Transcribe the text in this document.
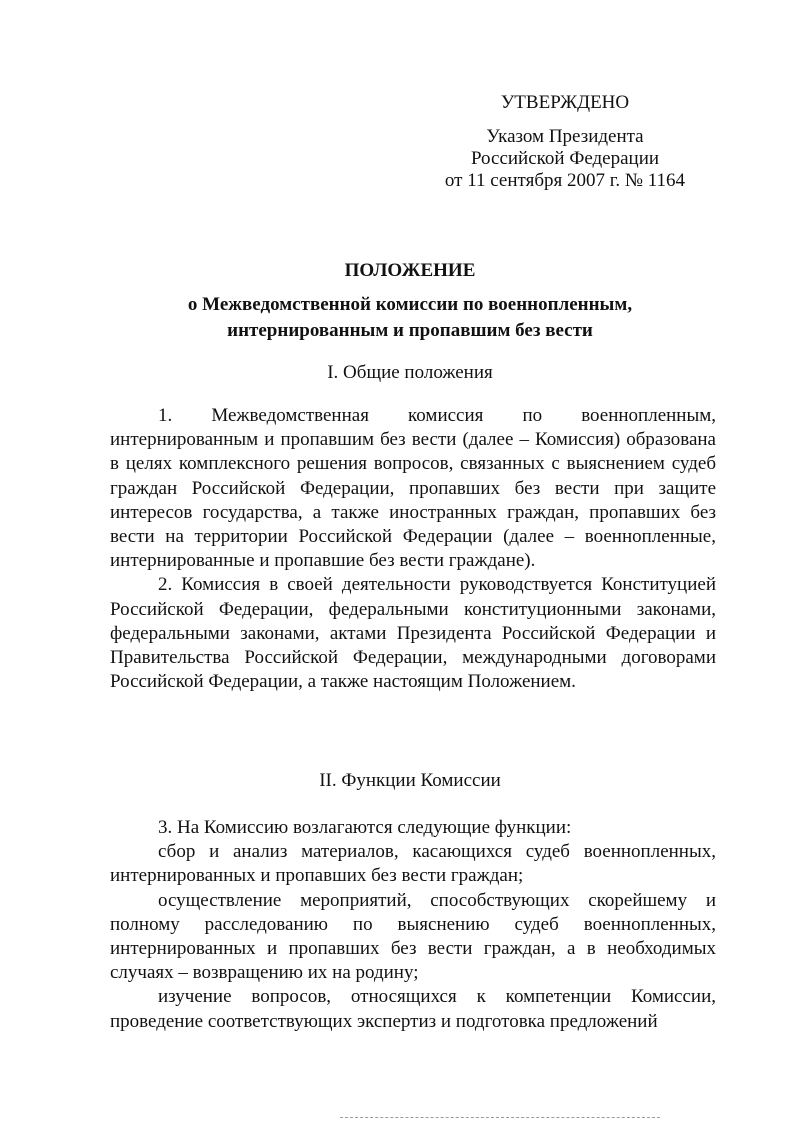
УТВЕРЖДЕНО
Указом Президента
Российской Федерации
от 11 сентября 2007 г. № 1164
ПОЛОЖЕНИЕ
о Межведомственной комиссии по военнопленным,
интернированным и пропавшим без вести
I. Общие положения

1. Межведомственная комиссия по военнопленным, интернированным и пропавшим без вести (далее – Комиссия) образована в целях комплексного решения вопросов, связанных с выяснением судеб граждан Российской Федерации, пропавших без вести при защите интересов государства, а также иностранных граждан, пропавших без вести на территории Российской Федерации (далее – военнопленные, интернированные и пропавшие без вести граждане).

2. Комиссия в своей деятельности руководствуется Конституцией Российской Федерации, федеральными конституционными законами, федеральными законами, актами Президента Российской Федерации и Правительства Российской Федерации, международными договорами Российской Федерации, а также настоящим Положением.

II. Функции Комиссии

3. На Комиссию возлагаются следующие функции:

сбор и анализ материалов, касающихся судеб военнопленных, интернированных и пропавших без вести граждан;

осуществление мероприятий, способствующих скорейшему и полному расследованию по выяснению судеб военнопленных, интернированных и пропавших без вести граждан, а в необходимых случаях – возвращению их на родину;

изучение вопросов, относящихся к компетенции Комиссии, проведение соответствующих экспертиз и подготовка предложений
